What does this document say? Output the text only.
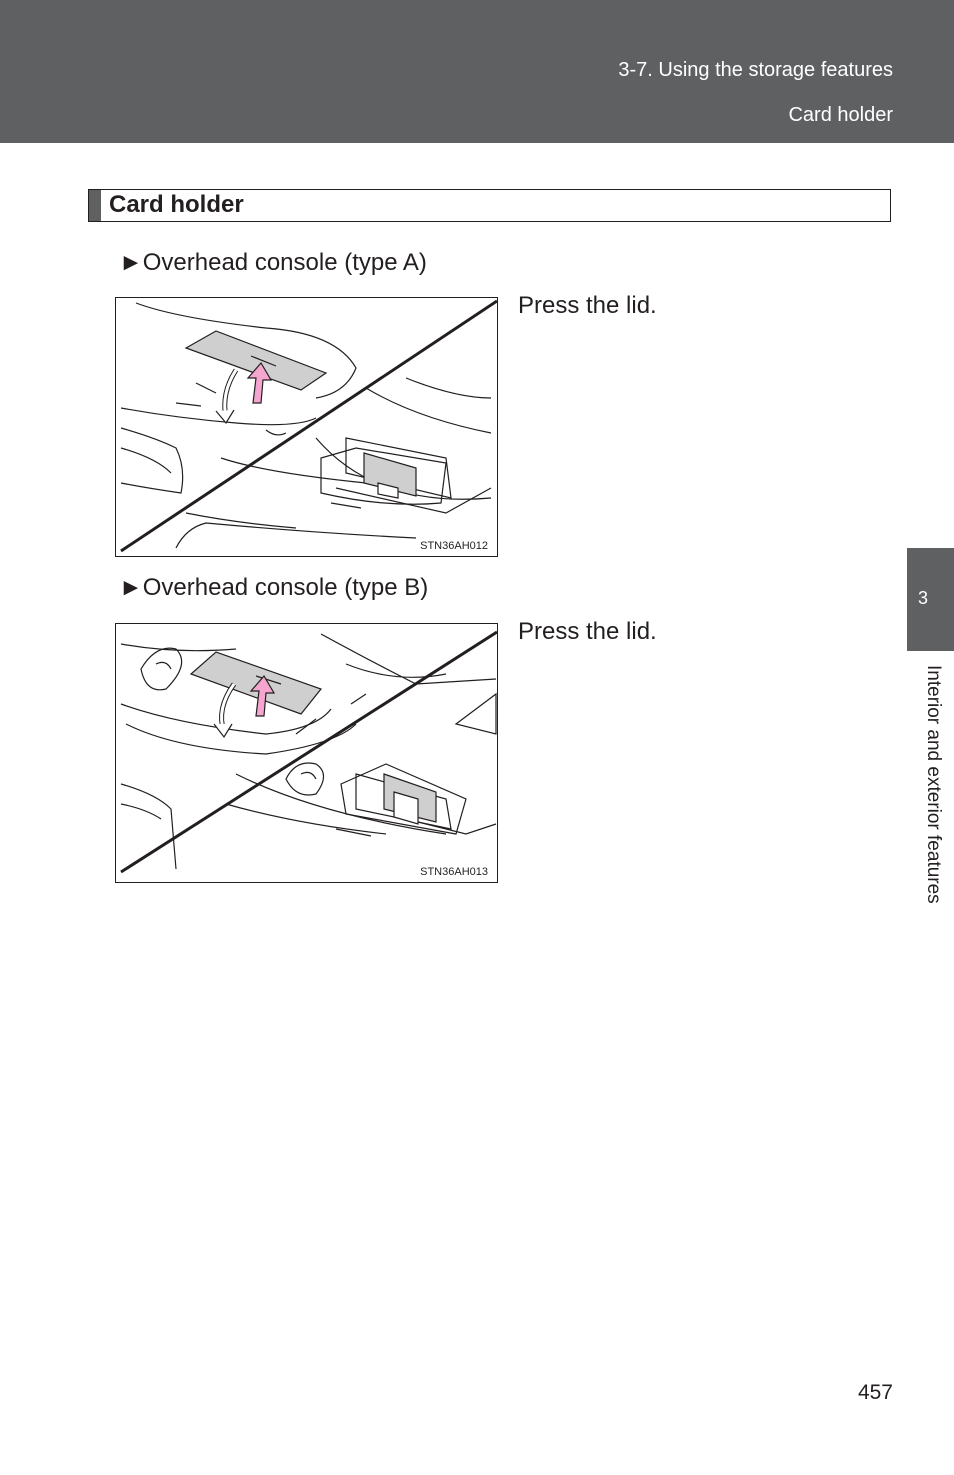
3-7. Using the storage features
Card holder
3
Interior and exterior features
Card holder
►Overhead console (type A)
STN36AH012
Press the lid.
►Overhead console (type B)
STN36AH013
Press the lid.
457
